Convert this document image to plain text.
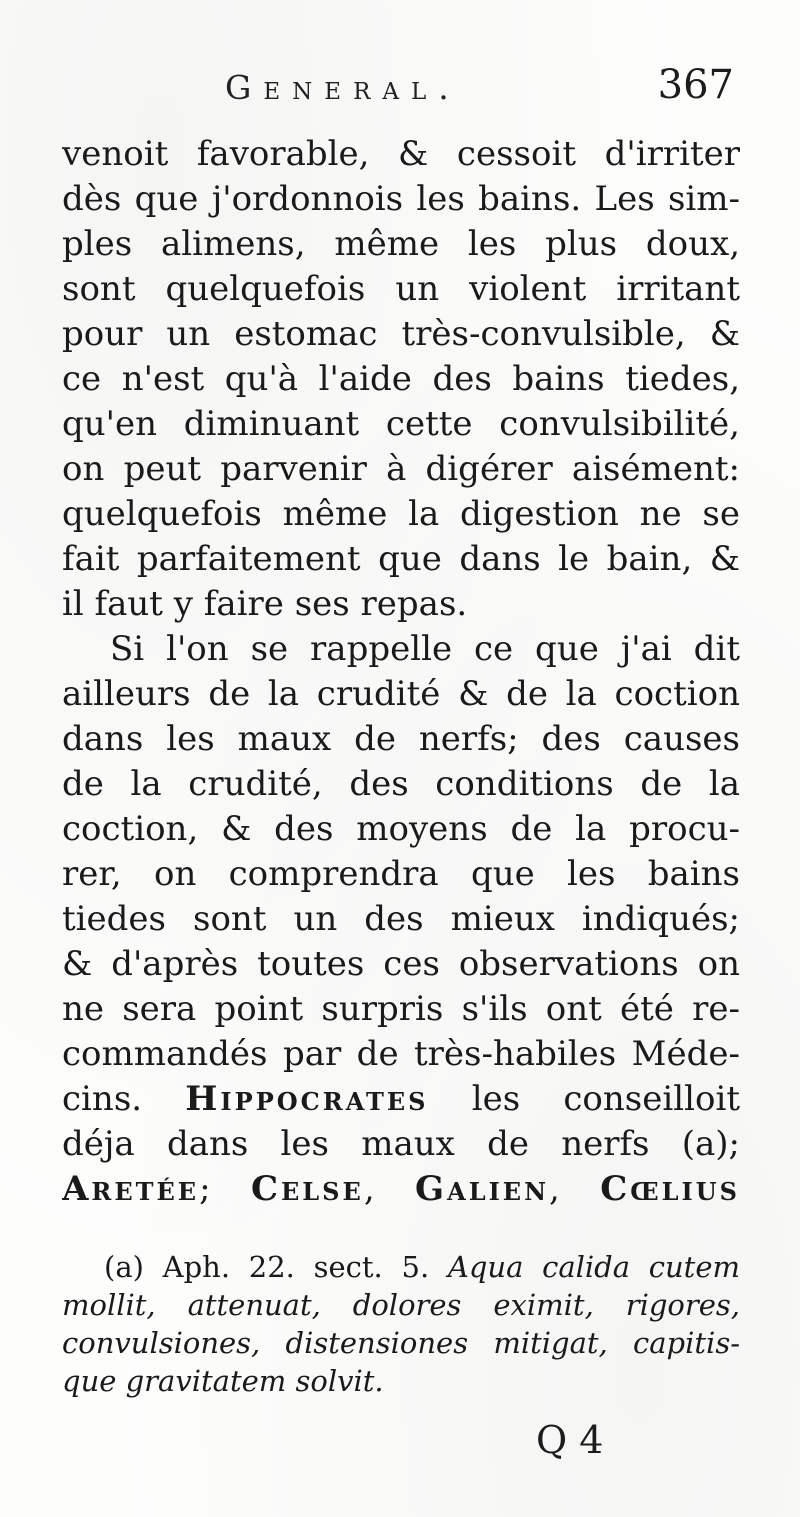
General.	367
venoit favorable, & cessoit d'irriter
dès que j'ordonnois les bains. Les sim-
ples alimens, même les plus doux,
sont quelquefois un violent irritant
pour un estomac très-convulsible, &
ce n'est qu'à l'aide des bains tiedes,
qu'en diminuant cette convulsibilité,
on peut parvenir à digérer aisément:
quelquefois même la digestion ne se
fait parfaitement que dans le bain, &
il faut y faire ses repas.
Si l'on se rappelle ce que j'ai dit
ailleurs de la crudité & de la coction
dans les maux de nerfs; des causes
de la crudité, des conditions de la
coction, & des moyens de la procu-
rer, on comprendra que les bains
tiedes sont un des mieux indiqués;
& d'après toutes ces observations on
ne sera point surpris s'ils ont été re-
commandés par de très-habiles Méde-
cins. Hippocrates les conseilloit
déja dans les maux de nerfs (a);
Aretée; Celse, Galien, Cœlius
(a) Aph. 22. sect. 5. Aqua calida cutem
mollit, attenuat, dolores eximit, rigores,
convulsiones, distensiones mitigat, capitis-
que gravitatem solvit.
Q 4
